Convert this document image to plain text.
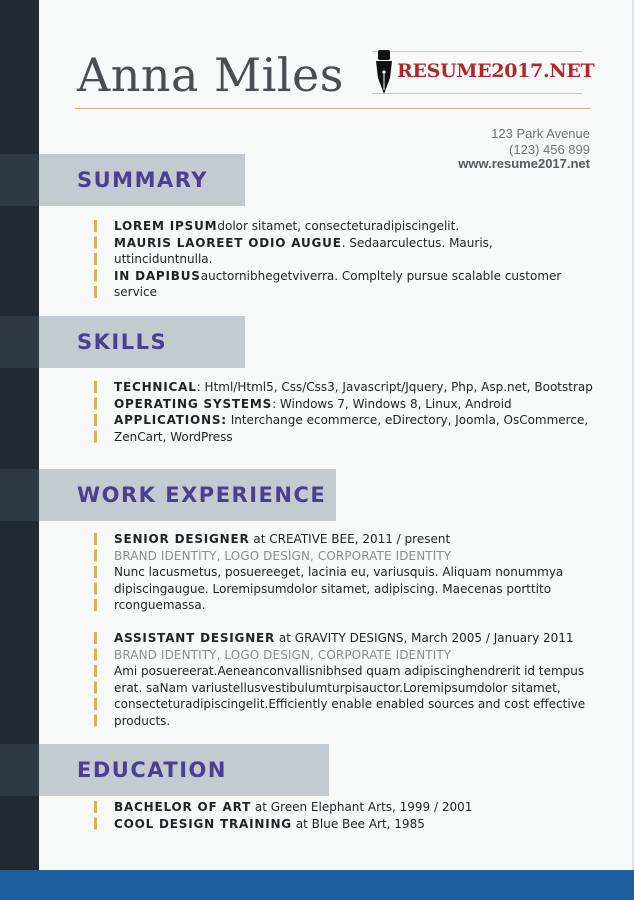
Anna Miles	RESUME2017.NET
123 Park Avenue
(123) 456 899
www.resume2017.net
SUMMARY

LOREM IPSUMdolor sitamet, consecteturadipiscingelit.

MAURIS LAOREET ODIO AUGUE. Sedaarculectus. Mauris, uttinciduntnulla.

IN DAPIBUSauctornibhegetviverra. Compltely pursue scalable customer service

SKILLS

TECHNICAL: Html/Html5, Css/Css3, Javascript/Jquery, Php, Asp.net, Bootstrap

OPERATING SYSTEMS: Windows 7, Windows 8, Linux, Android

APPLICATIONS: Interchange ecommerce, eDirectory, Joomla, OsCommerce, ZenCart, WordPress

WORK EXPERIENCE

SENIOR DESIGNER at CREATIVE BEE, 2011 / present

BRAND IDENTITY, LOGO DESIGN, CORPORATE IDENTITY

Nunc lacusmetus, posuereeget, lacinia eu, variusquis. Aliquam nonummya dipiscingaugue. Loremipsumdolor sitamet, adipiscing. Maecenas porttito rconguemassa.

ASSISTANT DESIGNER at GRAVITY DESIGNS, March 2005 / January 2011

BRAND IDENTITY, LOGO DESIGN, CORPORATE IDENTITY

Ami posuereerat.Aeneanconvallisnibhsed quam adipiscinghendrerit id tempus erat. saNam variustellusvestibulumturpisauctor.Loremipsumdolor sitamet, consecteturadipiscingelit.Efficiently enable enabled sources and cost effective products.

EDUCATION

BACHELOR OF ART at Green Elephant Arts, 1999 / 2001

COOL DESIGN TRAINING at Blue Bee Art, 1985
